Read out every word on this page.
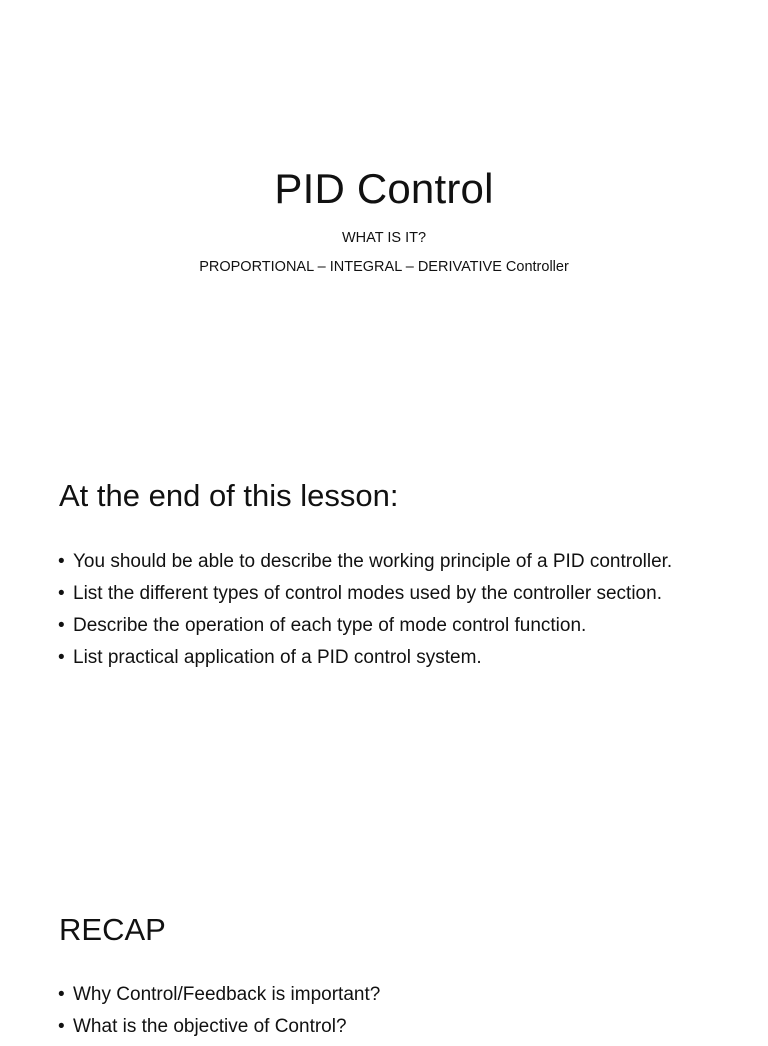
PID Control

WHAT IS IT?

PROPORTIONAL – INTEGRAL – DERIVATIVE Controller

At the end of this lesson:
• You should be able to describe the working principle of a PID controller.
• List the different types of control modes used by the controller section.
• Describe the operation of each type of mode control function.
• List practical application of a PID control system.
RECAP
• Why Control/Feedback is important?
• What is the objective of Control?
